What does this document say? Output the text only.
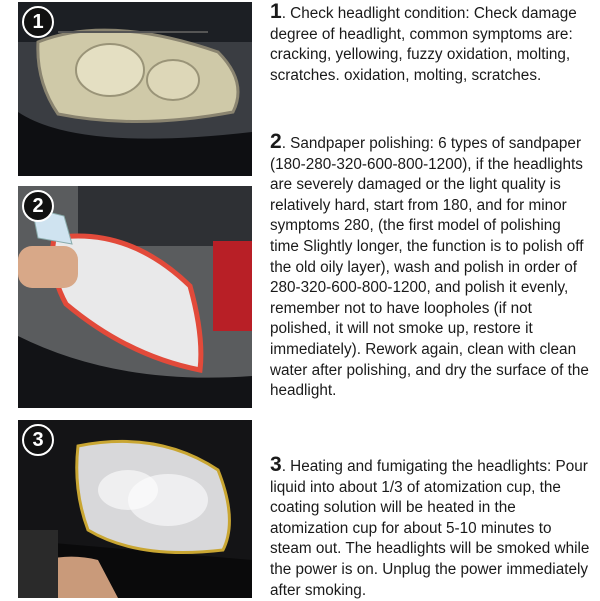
1
2
3
1. Check headlight condition: Check damage degree of headlight, common symptoms are: cracking, yellowing, fuzzy oxidation, molting, scratches. oxidation, molting, scratches.
2. Sandpaper polishing: 6 types of sandpaper (180-280-320-600-800-1200), if the headlights are severely damaged or the light quality is relatively hard, start from 180, and for minor symptoms 280, (the first model of polishing time Slightly longer, the function is to polish off the old oily layer), wash and polish in order of 280-320-600-800-1200, and polish it evenly, remember not to have loopholes (if not polished, it will not smoke up, restore it immediately). Rework again, clean with clean water after polishing, and dry the surface of the headlight.
3. Heating and fumigating the headlights: Pour liquid into about 1/3 of atomization cup, the coating solution will be heated in the atomization cup for about 5-10 minutes to steam out. The headlights will be smoked while the power is on. Unplug the power immediately after smoking.
